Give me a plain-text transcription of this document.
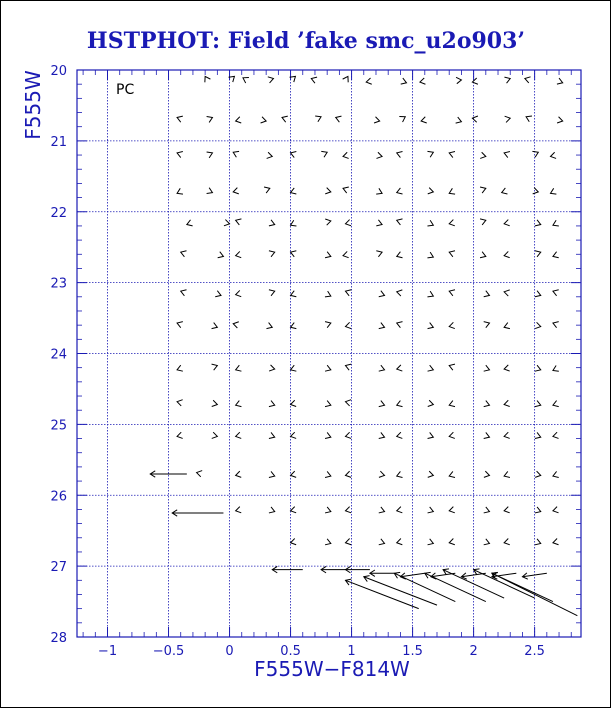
HSTPHOT: Field ’fake smc_u2o903’
−1	−0.5	0	0.5	1	1.5	2	2.5
20
21
22
23
24
25
26
27
28
F555W−F814W
F555W	PC
